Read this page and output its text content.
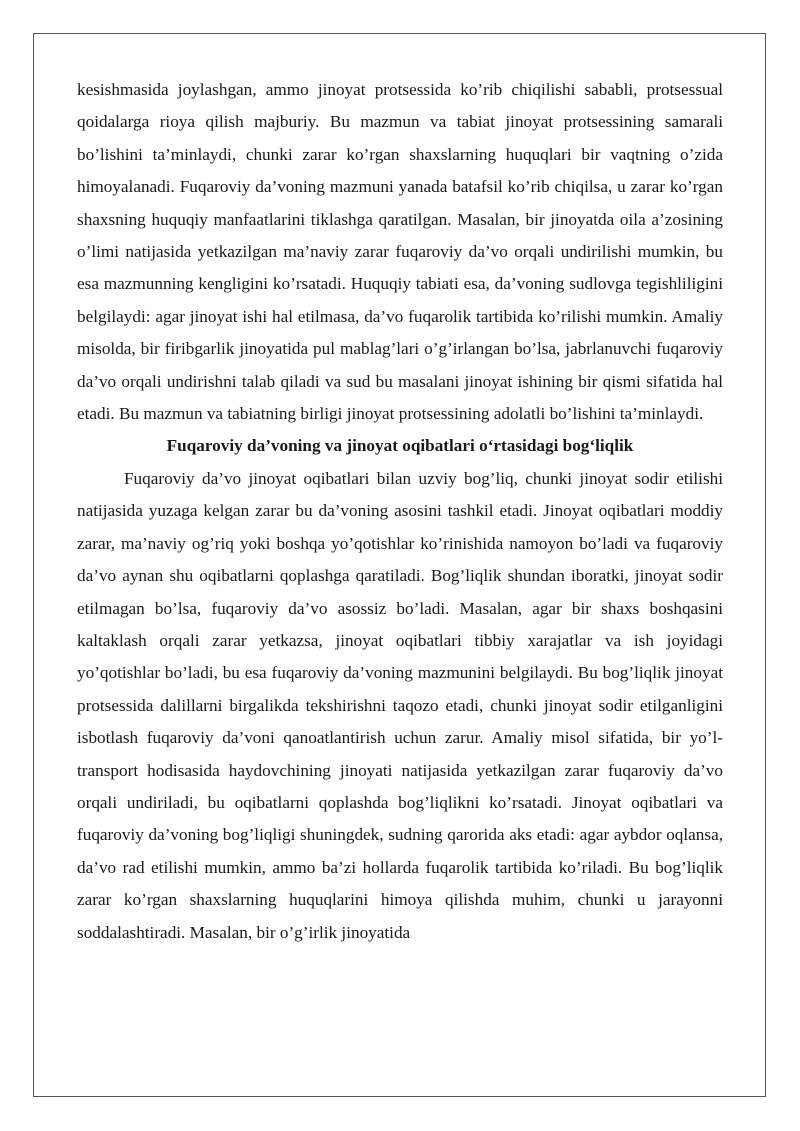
kesishmasida joylashgan, ammo jinoyat protsessida ko’rib chiqilishi sababli, protsessual qoidalarga rioya qilish majburiy. Bu mazmun va tabiat jinoyat protsessining samarali bo’lishini ta’minlaydi, chunki zarar ko’rgan shaxslarning huquqlari bir vaqtning o’zida himoyalanadi. Fuqaroviy da’voning mazmuni yanada batafsil ko’rib chiqilsa, u zarar ko’rgan shaxsning huquqiy manfaatlarini tiklashga qaratilgan. Masalan, bir jinoyatda oila a’zosining o’limi natijasida yetkazilgan ma’naviy zarar fuqaroviy da’vo orqali undirilishi mumkin, bu esa mazmunning kengligini ko’rsatadi. Huquqiy tabiati esa, da’voning sudlovga tegishliligini belgilaydi: agar jinoyat ishi hal etilmasa, da’vo fuqarolik tartibida ko’rilishi mumkin. Amaliy misolda, bir firibgarlik jinoyatida pul mablag’lari o’g’irlangan bo’lsa, jabrlanuvchi fuqaroviy da’vo orqali undirishni talab qiladi va sud bu masalani jinoyat ishining bir qismi sifatida hal etadi. Bu mazmun va tabiatning birligi jinoyat protsessining adolatli bo’lishini ta’minlaydi.

Fuqaroviy da’voning va jinoyat oqibatlari o‘rtasidagi bog‘liqlik

Fuqaroviy da’vo jinoyat oqibatlari bilan uzviy bog’liq, chunki jinoyat sodir etilishi natijasida yuzaga kelgan zarar bu da’voning asosini tashkil etadi. Jinoyat oqibatlari moddiy zarar, ma’naviy og’riq yoki boshqa yo’qotishlar ko’rinishida namoyon bo’ladi va fuqaroviy da’vo aynan shu oqibatlarni qoplashga qaratiladi. Bog’liqlik shundan iboratki, jinoyat sodir etilmagan bo’lsa, fuqaroviy da’vo asossiz bo’ladi. Masalan, agar bir shaxs boshqasini kaltaklash orqali zarar yetkazsa, jinoyat oqibatlari tibbiy xarajatlar va ish joyidagi yo’qotishlar bo’ladi, bu esa fuqaroviy da’voning mazmunini belgilaydi. Bu bog’liqlik jinoyat protsessida dalillarni birgalikda tekshirishni taqozo etadi, chunki jinoyat sodir etilganligini isbotlash fuqaroviy da’voni qanoatlantirish uchun zarur. Amaliy misol sifatida, bir yo’l-transport hodisasida haydovchining jinoyati natijasida yetkazilgan zarar fuqaroviy da’vo orqali undiriladi, bu oqibatlarni qoplashda bog’liqlikni ko’rsatadi. Jinoyat oqibatlari va fuqaroviy da’voning bog’liqligi shuningdek, sudning qarorida aks etadi: agar aybdor oqlansa, da’vo rad etilishi mumkin, ammo ba’zi hollarda fuqarolik tartibida ko’riladi. Bu bog’liqlik zarar ko’rgan shaxslarning huquqlarini himoya qilishda muhim, chunki u jarayonni soddalashtiradi. Masalan, bir o’g’irlik jinoyatida
